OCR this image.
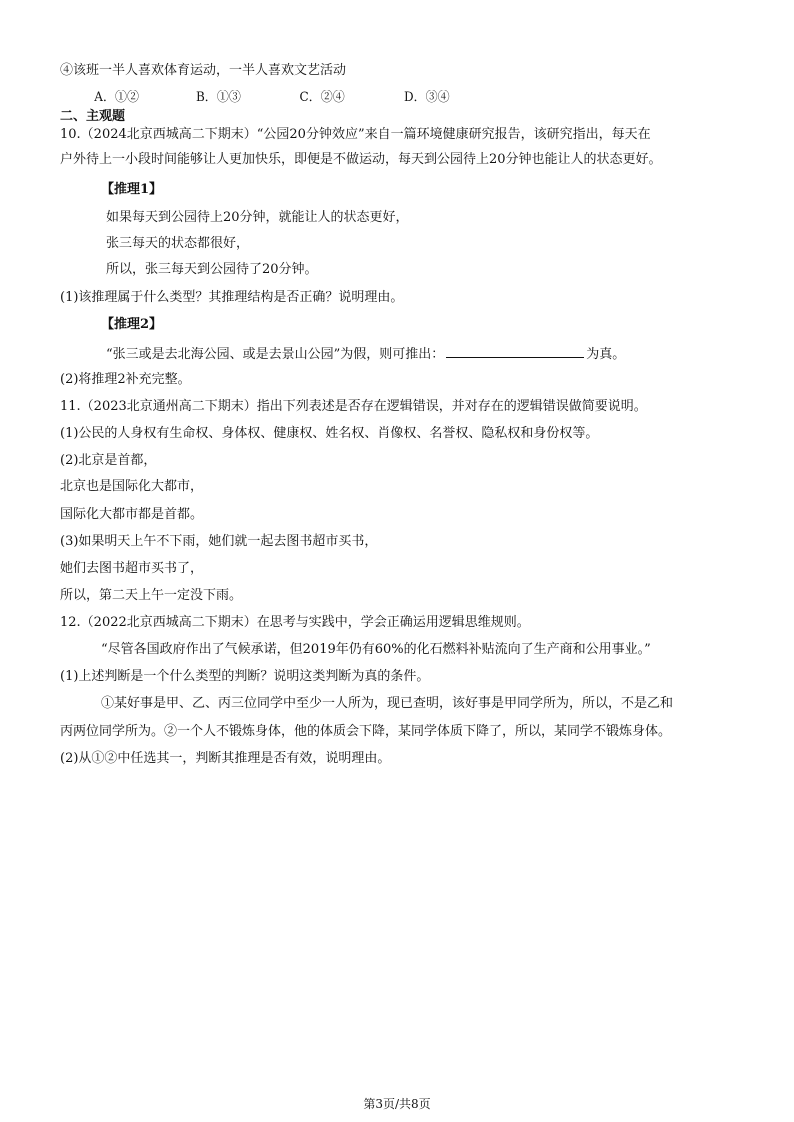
④该班一半人喜欢体育运动，一半人喜欢文艺活动
A．①②	B．①③	C．②④	D．③④
二、主观题
10.（2024北京西城高二下期末）“公园20分钟效应”来自一篇环境健康研究报告，该研究指出，每天在
户外待上一小段时间能够让人更加快乐，即便是不做运动，每天到公园待上20分钟也能让人的状态更好。
【推理1】
如果每天到公园待上20分钟，就能让人的状态更好，
张三每天的状态都很好，
所以，张三每天到公园待了20分钟。
(1)该推理属于什么类型？其推理结构是否正确？说明理由。
【推理2】
“张三或是去北海公园、或是去景山公园”为假，则可推出：	为真。
(2)将推理2补充完整。
11.（2023北京通州高二下期末）指出下列表述是否存在逻辑错误，并对存在的逻辑错误做简要说明。
(1)公民的人身权有生命权、身体权、健康权、姓名权、肖像权、名誉权、隐私权和身份权等。
(2)北京是首都，
北京也是国际化大都市，
国际化大都市都是首都。
(3)如果明天上午不下雨，她们就一起去图书超市买书，
她们去图书超市买书了，
所以，第二天上午一定没下雨。
12.（2022北京西城高二下期末）在思考与实践中，学会正确运用逻辑思维规则。
“尽管各国政府作出了气候承诺，但2019年仍有60%的化石燃料补贴流向了生产商和公用事业。”
(1)上述判断是一个什么类型的判断？说明这类判断为真的条件。
①某好事是甲、乙、丙三位同学中至少一人所为，现已查明，该好事是甲同学所为，所以，不是乙和
丙两位同学所为。②一个人不锻炼身体，他的体质会下降，某同学体质下降了，所以，某同学不锻炼身体。
(2)从①②中任选其一，判断其推理是否有效，说明理由。
第3页/共8页
